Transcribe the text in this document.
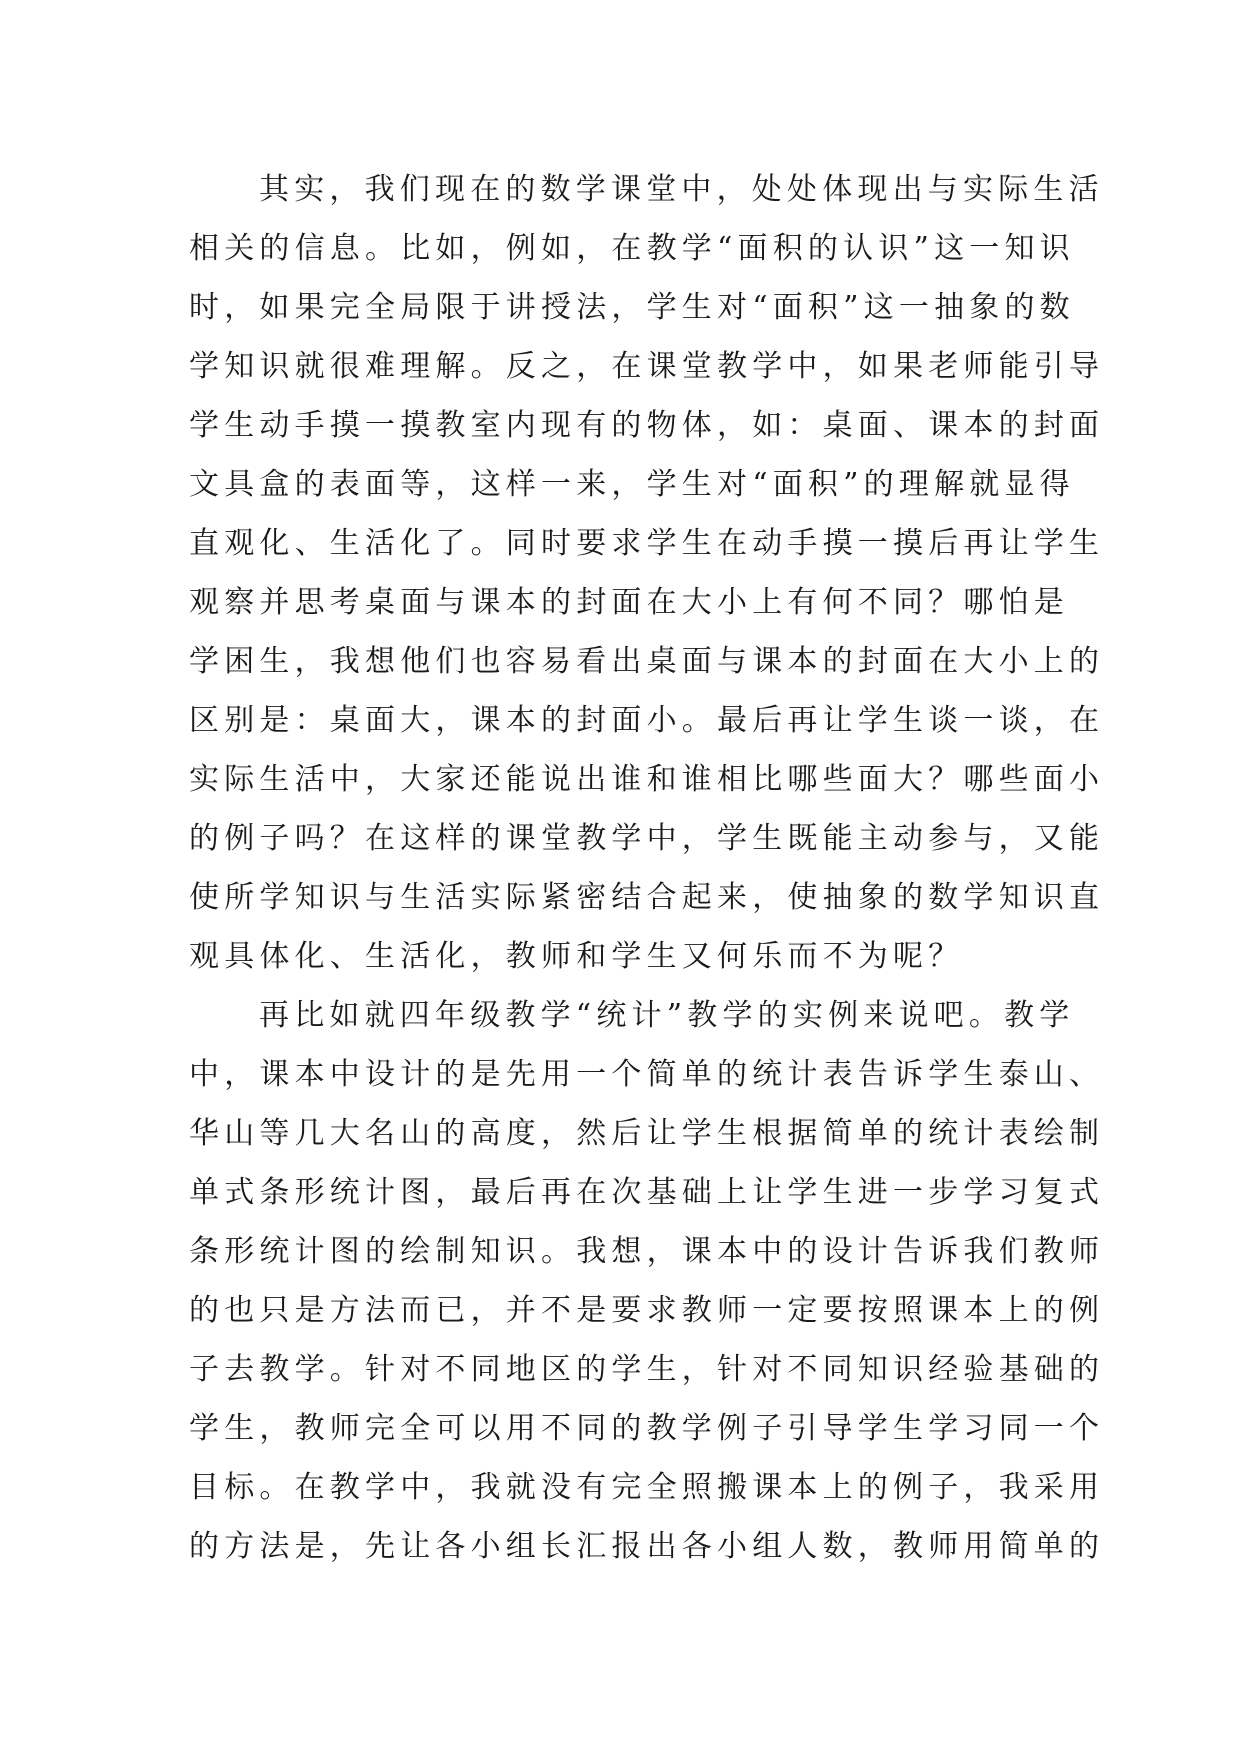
其实，我们现在的数学课堂中，处处体现出与实际生活
相关的信息。比如，例如，在教学“面积的认识”这一知识
时，如果完全局限于讲授法，学生对“面积”这一抽象的数
学知识就很难理解。反之，在课堂教学中，如果老师能引导
学生动手摸一摸教室内现有的物体，如：桌面、课本的封面
文具盒的表面等，这样一来，学生对“面积”的理解就显得
直观化、生活化了。同时要求学生在动手摸一摸后再让学生
观察并思考桌面与课本的封面在大小上有何不同？哪怕是
学困生，我想他们也容易看出桌面与课本的封面在大小上的
区别是：桌面大，课本的封面小。最后再让学生谈一谈，在
实际生活中，大家还能说出谁和谁相比哪些面大？哪些面小
的例子吗？在这样的课堂教学中，学生既能主动参与，又能
使所学知识与生活实际紧密结合起来，使抽象的数学知识直
观具体化、生活化，教师和学生又何乐而不为呢？
再比如就四年级教学“统计”教学的实例来说吧。教学
中，课本中设计的是先用一个简单的统计表告诉学生泰山、
华山等几大名山的高度，然后让学生根据简单的统计表绘制
单式条形统计图，最后再在次基础上让学生进一步学习复式
条形统计图的绘制知识。我想，课本中的设计告诉我们教师
的也只是方法而已，并不是要求教师一定要按照课本上的例
子去教学。针对不同地区的学生，针对不同知识经验基础的
学生，教师完全可以用不同的教学例子引导学生学习同一个
目标。在教学中，我就没有完全照搬课本上的例子，我采用
的方法是，先让各小组长汇报出各小组人数，教师用简单的
